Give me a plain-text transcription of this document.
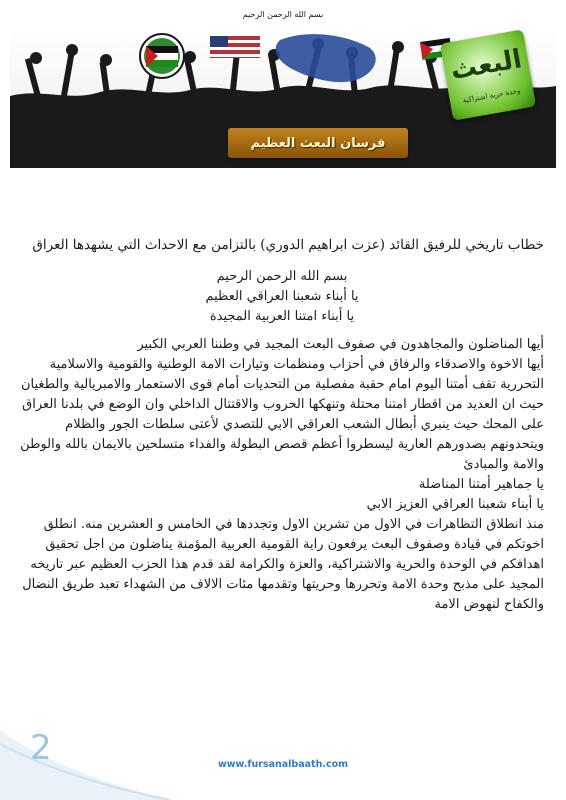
بسم الله الرحمن الرحيم
البعث
وحدة حرية اشتراكية
فرسان البعث العظيم
خطاب تاريخي للرفيق القائد (عزت ابراهيم الدوري) بالتزامن مع الاحداث التي يشهدها العراق
بسم الله الرحمن الرحيم
يا أبناء شعبنا العراقي العظيم
يا أبناء امتنا العربية المجيدة

أيها المناضلون والمجاهدون في صفوف البعث المجيد في وطننا العربي الكبير

أيها الاخوة والاصدقاء والرفاق في أحزاب ومنظمات وتيارات الامة الوطنية والقومية والاسلامية التحررية تقف أمتنا اليوم امام حقبة مفصلية من التحديات أمام قوى الاستعمار والامبريالية والطغيان حيث ان العديد من اقطار امتنا محتلة وتنهكها الحروب والاقتتال الداخلي وان الوضع في بلدنا العراق على المحك حيث ينبري أبطال الشعب العراقي الابي للتصدي لأعتى سلطات الجور والظلام ويتحدونهم بصدورهم العارية ليسطروا أعظم قصص البطولة والفداء متسلحين بالايمان بالله والوطن والامة والمبادئ

يا جماهير أمتنا المناضلة

يا أبناء شعبنا العراقي العزيز الابي

منذ انطلاق التظاهرات في الاول من تشرين الاول وتجددها في الخامس و العشرين منه. انطلق اخوتكم في قيادة وصفوف البعث يرفعون راية القومية العربية المؤمنة يناضلون من اجل تحقيق اهدافكم في الوحدة والحرية والاشتراكية، والعزة والكرامة لقد قدم هذا الحزب العظيم عبر تاريخه المجيد على مذبح وحدة الامة وتحررها وحريتها وتقدمها مئات الالاف من الشهداء تعبد طريق النضال والكفاح لنهوض الامة

2	www.fursanalbaath.com
